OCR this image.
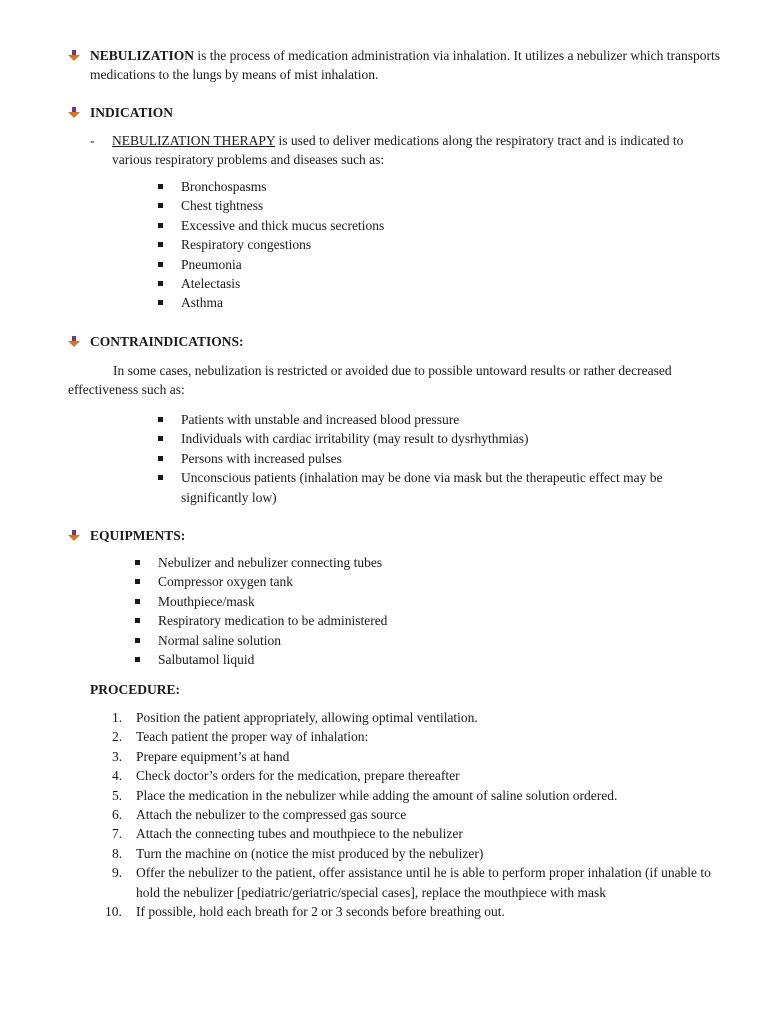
NEBULIZATION is the process of medication administration via inhalation. It utilizes a nebulizer which transports medications to the lungs by means of mist inhalation.
INDICATION
- NEBULIZATION THERAPY is used to deliver medications along the respiratory tract and is indicated to various respiratory problems and diseases such as:
Bronchospasms
Chest tightness
Excessive and thick mucus secretions
Respiratory congestions
Pneumonia
Atelectasis
Asthma
CONTRAINDICATIONS:
In some cases, nebulization is restricted or avoided due to possible untoward results or rather decreased effectiveness such as:
Patients with unstable and increased blood pressure
Individuals with cardiac irritability (may result to dysrhythmias)
Persons with increased pulses
Unconscious patients (inhalation may be done via mask but the therapeutic effect may be significantly low)
EQUIPMENTS:
Nebulizer and nebulizer connecting tubes
Compressor oxygen tank
Mouthpiece/mask
Respiratory medication to be administered
Normal saline solution
Salbutamol liquid
PROCEDURE:
1. Position the patient appropriately, allowing optimal ventilation.
2. Teach patient the proper way of inhalation:
3. Prepare equipment’s at hand
4. Check doctor’s orders for the medication, prepare thereafter
5. Place the medication in the nebulizer while adding the amount of saline solution ordered.
6. Attach the nebulizer to the compressed gas source
7. Attach the connecting tubes and mouthpiece to the nebulizer
8. Turn the machine on (notice the mist produced by the nebulizer)
9. Offer the nebulizer to the patient, offer assistance until he is able to perform proper inhalation (if unable to hold the nebulizer [pediatric/geriatric/special cases], replace the mouthpiece with mask
10. If possible, hold each breath for 2 or 3 seconds before breathing out.
